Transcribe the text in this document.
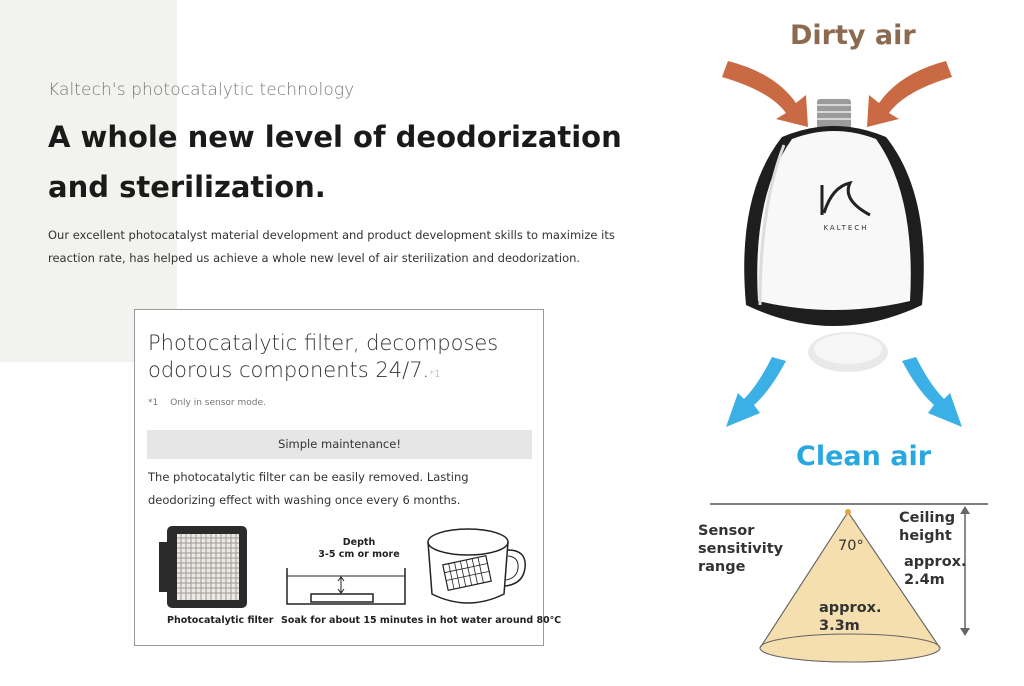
Kaltech's photocatalytic technology
A whole new level of deodorization and sterilization.
Our excellent photocatalyst material development and product development skills to maximize its reaction rate, has helped us achieve a whole new level of air sterilization and deodorization.
Photocatalytic filter, decomposes odorous components 24/7.*1
*1 Only in sensor mode.
Simple maintenance!
The photocatalytic filter can be easily removed. Lasting deodorizing effect with washing once every 6 months.
Depth
3-5 cm or more
Photocatalytic filter Soak for about 15 minutes in hot water around 80℃
Dirty air
KALTECH
Clean air
Sensor
sensitivity
range
70°
Ceiling
height
approx.
2.4m
approx.
3.3m
